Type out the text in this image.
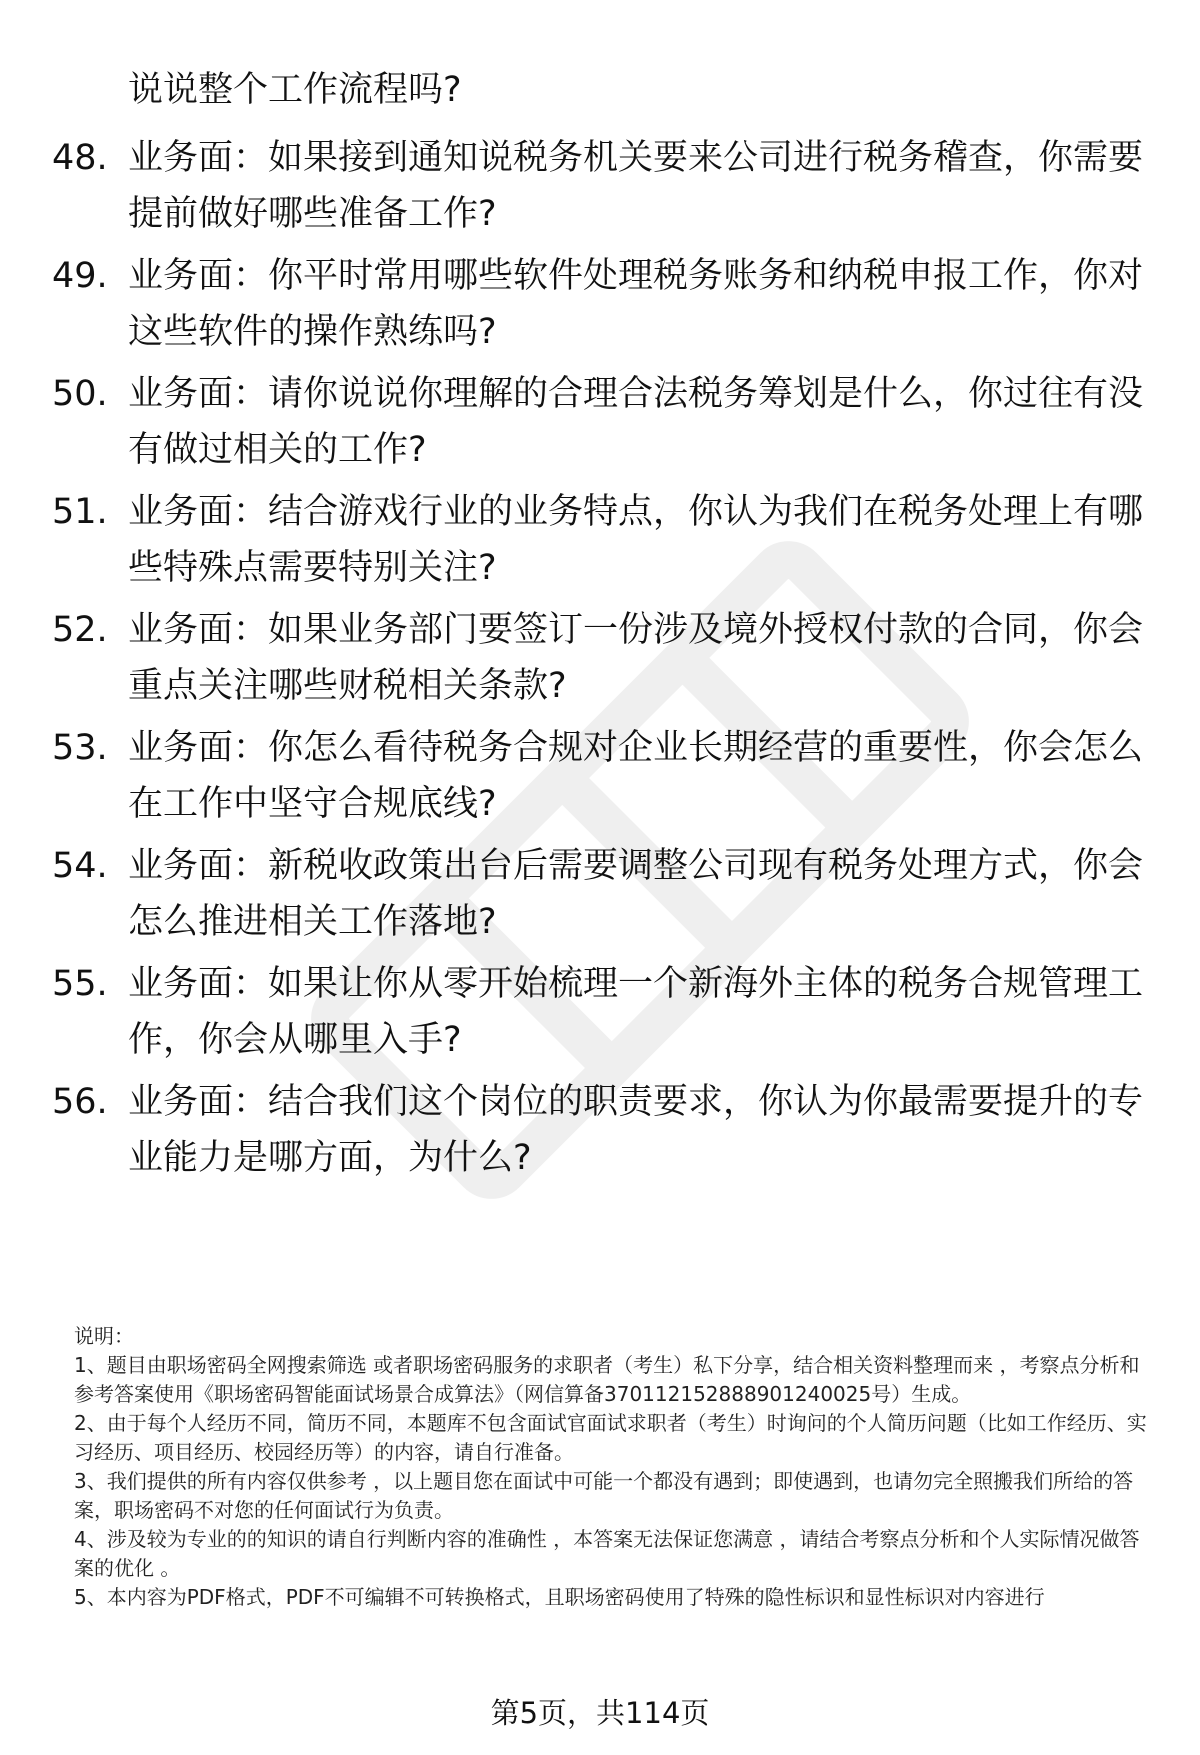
说说整个工作流程吗?
48. 业务面：如果接到通知说税务机关要来公司进行税务稽查，你需要提前做好哪些准备工作?
49. 业务面：你平时常用哪些软件处理税务账务和纳税申报工作，你对这些软件的操作熟练吗?
50. 业务面：请你说说你理解的合理合法税务筹划是什么，你过往有没有做过相关的工作?
51. 业务面：结合游戏行业的业务特点，你认为我们在税务处理上有哪些特殊点需要特别关注?
52. 业务面：如果业务部门要签订一份涉及境外授权付款的合同，你会重点关注哪些财税相关条款?
53. 业务面：你怎么看待税务合规对企业长期经营的重要性，你会怎么在工作中坚守合规底线?
54. 业务面：新税收政策出台后需要调整公司现有税务处理方式，你会怎么推进相关工作落地?
55. 业务面：如果让你从零开始梳理一个新海外主体的税务合规管理工作，你会从哪里入手?
56. 业务面：结合我们这个岗位的职责要求，你认为你最需要提升的专业能力是哪方面，为什么?

说明：

1、题目由职场密码全网搜索筛选 或者职场密码服务的求职者（考生）私下分享，结合相关资料整理而来 ，考察点分析和参考答案使用《职场密码智能面试场景合成算法》（网信算备370112152888901240025号）生成。

2、由于每个人经历不同，简历不同，本题库不包含面试官面试求职者（考生）时询问的个人简历问题（比如工作经历、实习经历、项目经历、校园经历等）的内容，请自行准备。

3、我们提供的所有内容仅供参考 ，以上题目您在面试中可能一个都没有遇到；即使遇到，也请勿完全照搬我们所给的答案，职场密码不对您的任何面试行为负责。

4、涉及较为专业的的知识的请自行判断内容的准确性 ，本答案无法保证您满意 ，请结合考察点分析和个人实际情况做答案的优化 。

5、本内容为PDF格式，PDF不可编辑不可转换格式，且职场密码使用了特殊的隐性标识和显性标识对内容进行

第5页，共114页
